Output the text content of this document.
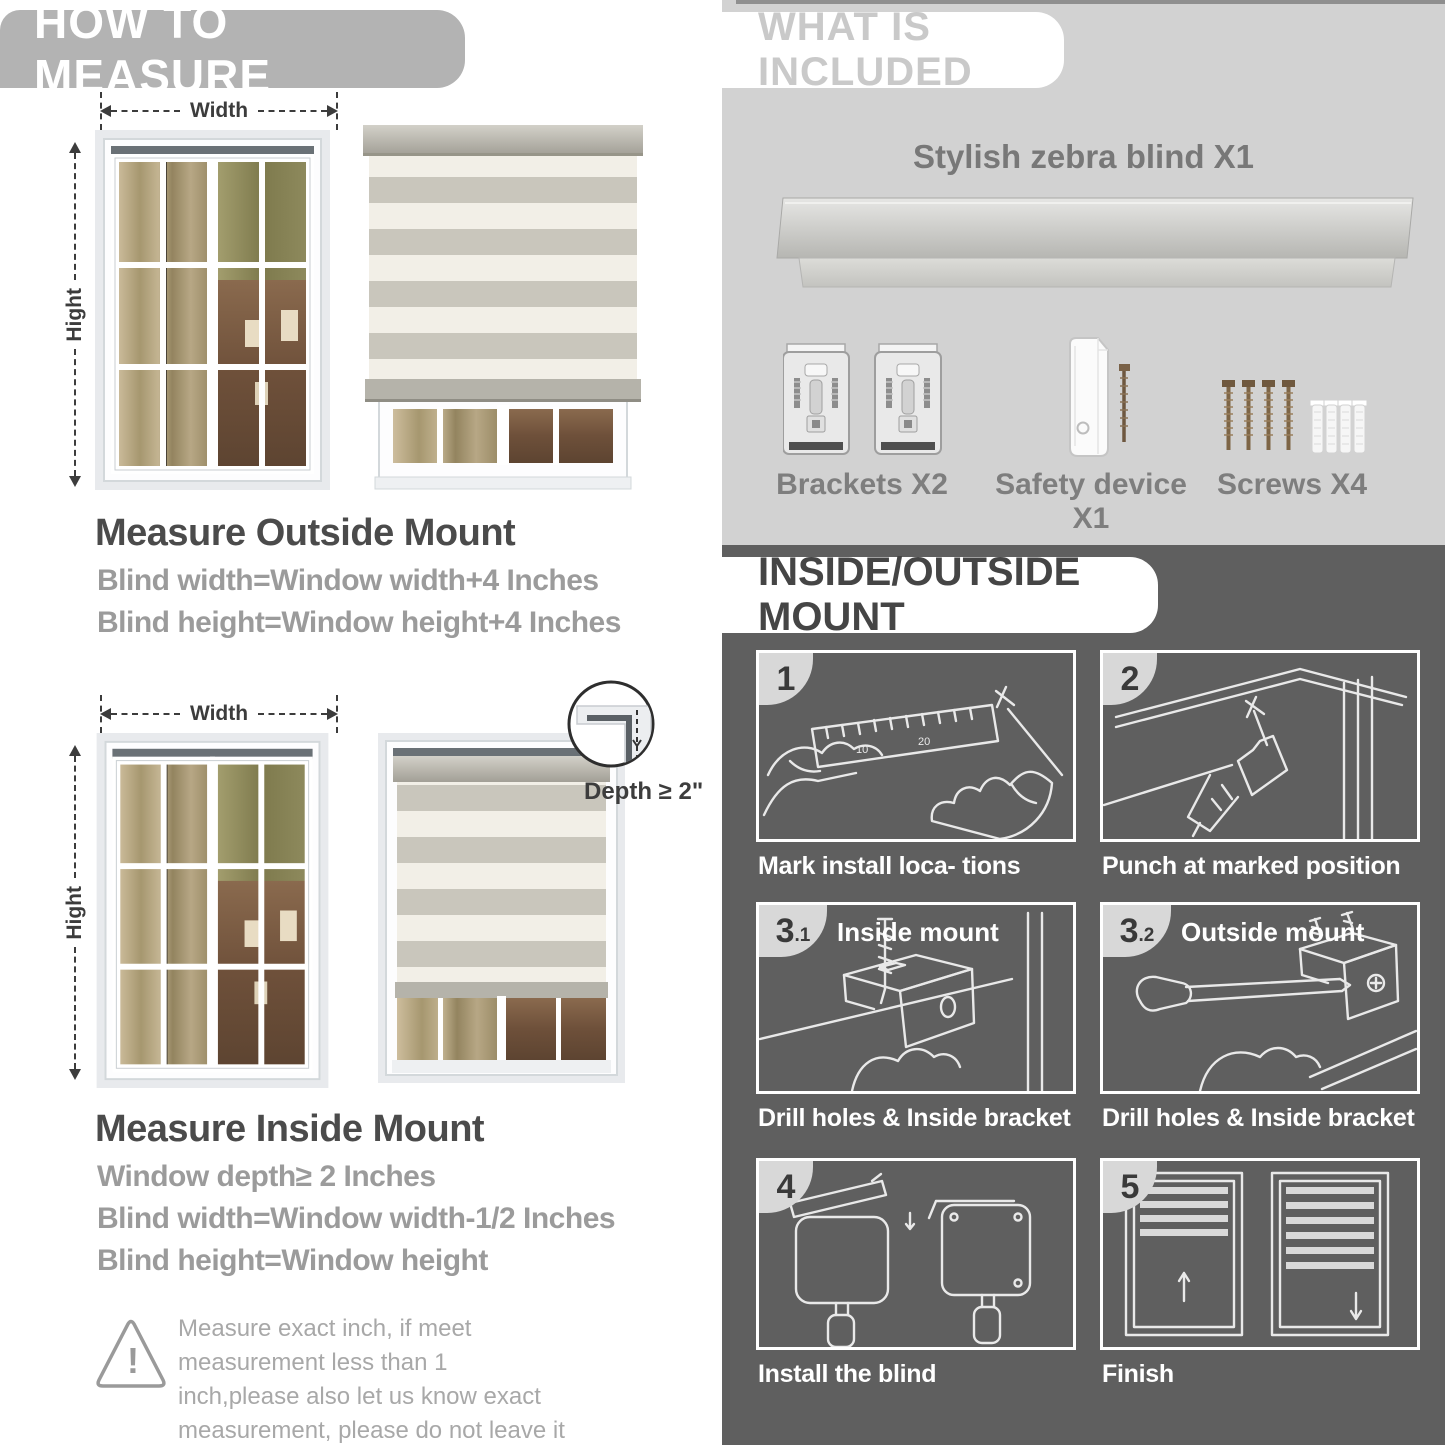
HOW TO MEASURE
Width
Hight
Measure Outside Mount
Blind width=Window width+4 Inches
Blind height=Window height+4 Inches
Width
Hight
Depth ≥ 2"
Measure Inside Mount
Window depth≥ 2 Inches
Blind width=Window width-1/2 Inches
Blind height=Window height
!
Measure exact inch, if meet measurement less than 1 inch,please also let us know exact measurement, please do not leave it
WHAT IS INCLUDED
Stylish zebra blind X1
Brackets X2	Safety device X1
Screws X4
INSIDE/OUTSIDE MOUNT
10
20
1
Mark install loca- tions
2
Punch at marked position
3 .1 Inside mount
Drill holes & Inside bracket
3 .2 Outside mount
Drill holes & Inside bracket
4
Install the blind
5
Finish
